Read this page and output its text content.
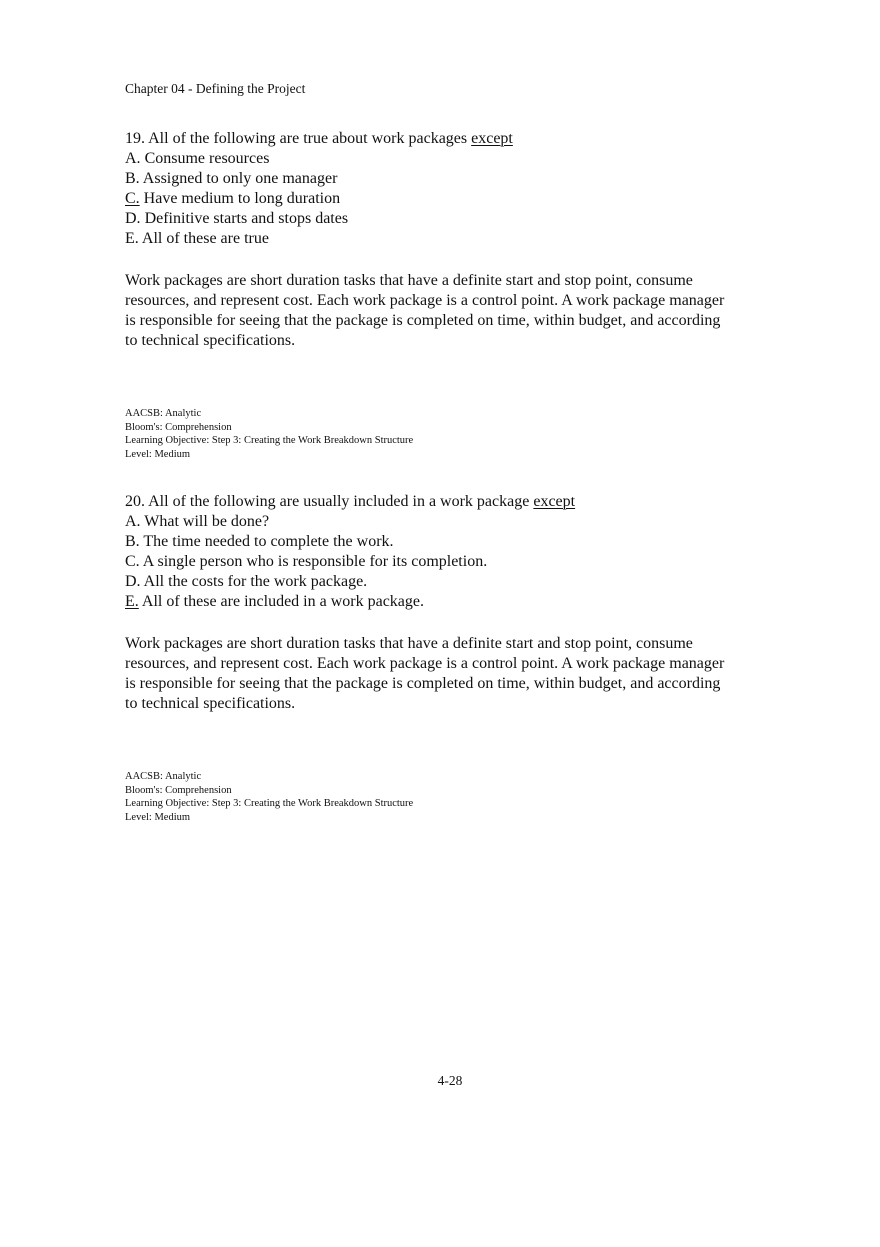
Chapter 04 - Defining the Project
19. All of the following are true about work packages except
A. Consume resources
B. Assigned to only one manager
C. Have medium to long duration
D. Definitive starts and stops dates
E. All of these are true
Work packages are short duration tasks that have a definite start and stop point, consume
resources, and represent cost. Each work package is a control point. A work package manager
is responsible for seeing that the package is completed on time, within budget, and according
to technical specifications.
AACSB: Analytic
Bloom's: Comprehension
Learning Objective: Step 3: Creating the Work Breakdown Structure
Level: Medium
20. All of the following are usually included in a work package except
A. What will be done?
B. The time needed to complete the work.
C. A single person who is responsible for its completion.
D. All the costs for the work package.
E. All of these are included in a work package.
Work packages are short duration tasks that have a definite start and stop point, consume
resources, and represent cost. Each work package is a control point. A work package manager
is responsible for seeing that the package is completed on time, within budget, and according
to technical specifications.
AACSB: Analytic
Bloom's: Comprehension
Learning Objective: Step 3: Creating the Work Breakdown Structure
Level: Medium
4-28
